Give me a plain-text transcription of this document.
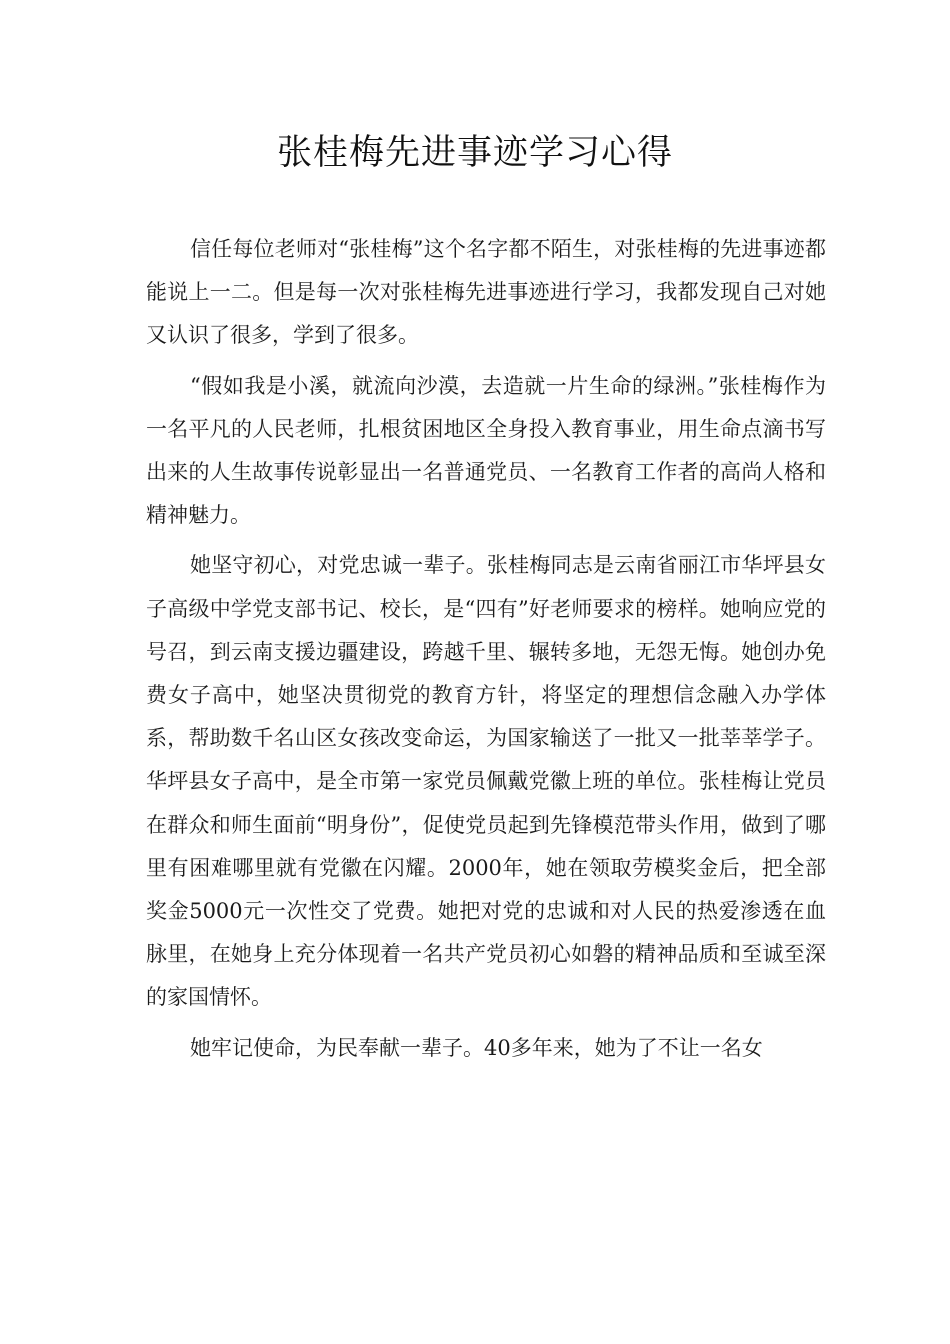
张桂梅先进事迹学习心得

信任每位老师对“张桂梅”这个名字都不陌生，对张桂梅的先进事迹都能说上一二。但是每一次对张桂梅先进事迹进行学习，我都发现自己对她又认识了很多，学到了很多。

“假如我是小溪，就流向沙漠，去造就一片生命的绿洲。”张桂梅作为一名平凡的人民老师，扎根贫困地区全身投入教育事业，用生命点滴书写出来的人生故事传说彰显出一名普通党员、一名教育工作者的高尚人格和精神魅力。

她坚守初心，对党忠诚一辈子。张桂梅同志是云南省丽江市华坪县女子高级中学党支部书记、校长，是“四有”好老师要求的榜样。她响应党的号召，到云南支援边疆建设，跨越千里、辗转多地，无怨无悔。她创办免费女子高中，她坚决贯彻党的教育方针，将坚定的理想信念融入办学体系，帮助数千名山区女孩改变命运，为国家输送了一批又一批莘莘学子。华坪县女子高中，是全市第一家党员佩戴党徽上班的单位。张桂梅让党员在群众和师生面前“明身份”，促使党员起到先锋模范带头作用，做到了哪里有困难哪里就有党徽在闪耀。2000年，她在领取劳模奖金后，把全部奖金5000元一次性交了党费。她把对党的忠诚和对人民的热爱渗透在血脉里，在她身上充分体现着一名共产党员初心如磐的精神品质和至诚至深的家国情怀。

她牢记使命，为民奉献一辈子。40多年来，她为了不让一名女
